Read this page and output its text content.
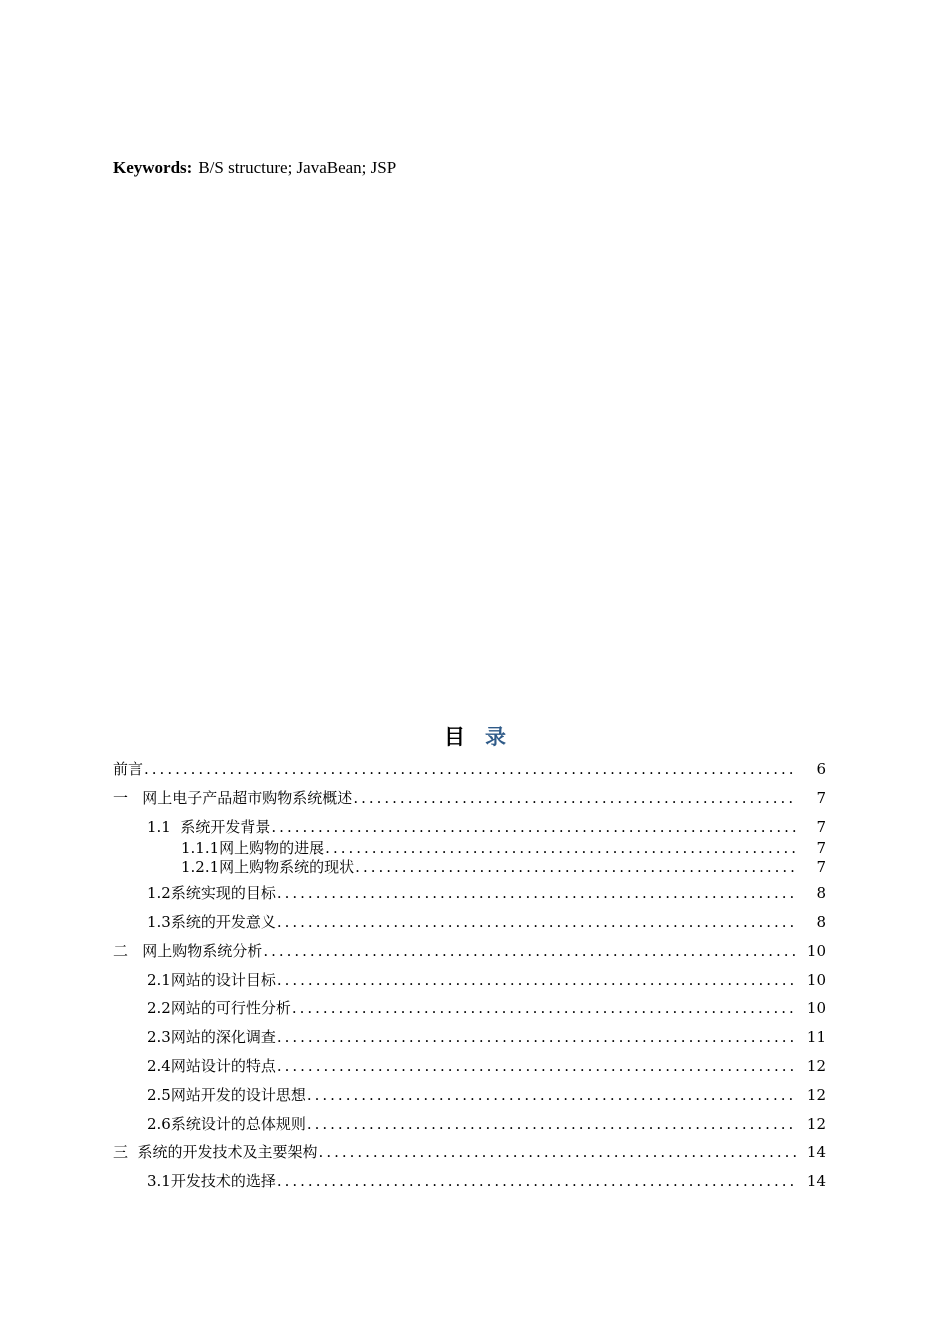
Keywords: B/S structure; JavaBean; JSP
目 录
前言 .....	6
一   网上电子产品超市购物系统概述 .....	7
1.1  系统开发背景 .....	7
1.1.1网上购物的进展 .....	7
1.2.1网上购物系统的现状 .....	7
1.2系统实现的目标 .....	8
1.3系统的开发意义 .....	8
二   网上购物系统分析 .....	10
2.1网站的设计目标 .....	10
2.2网站的可行性分析 .....	10
2.3网站的深化调查 .....	11
2.4网站设计的特点 .....	12
2.5网站开发的设计思想 .....	12
2.6系统设计的总体规则 .....	12
三  系统的开发技术及主要架构 .....	14
3.1开发技术的选择 .....	14
